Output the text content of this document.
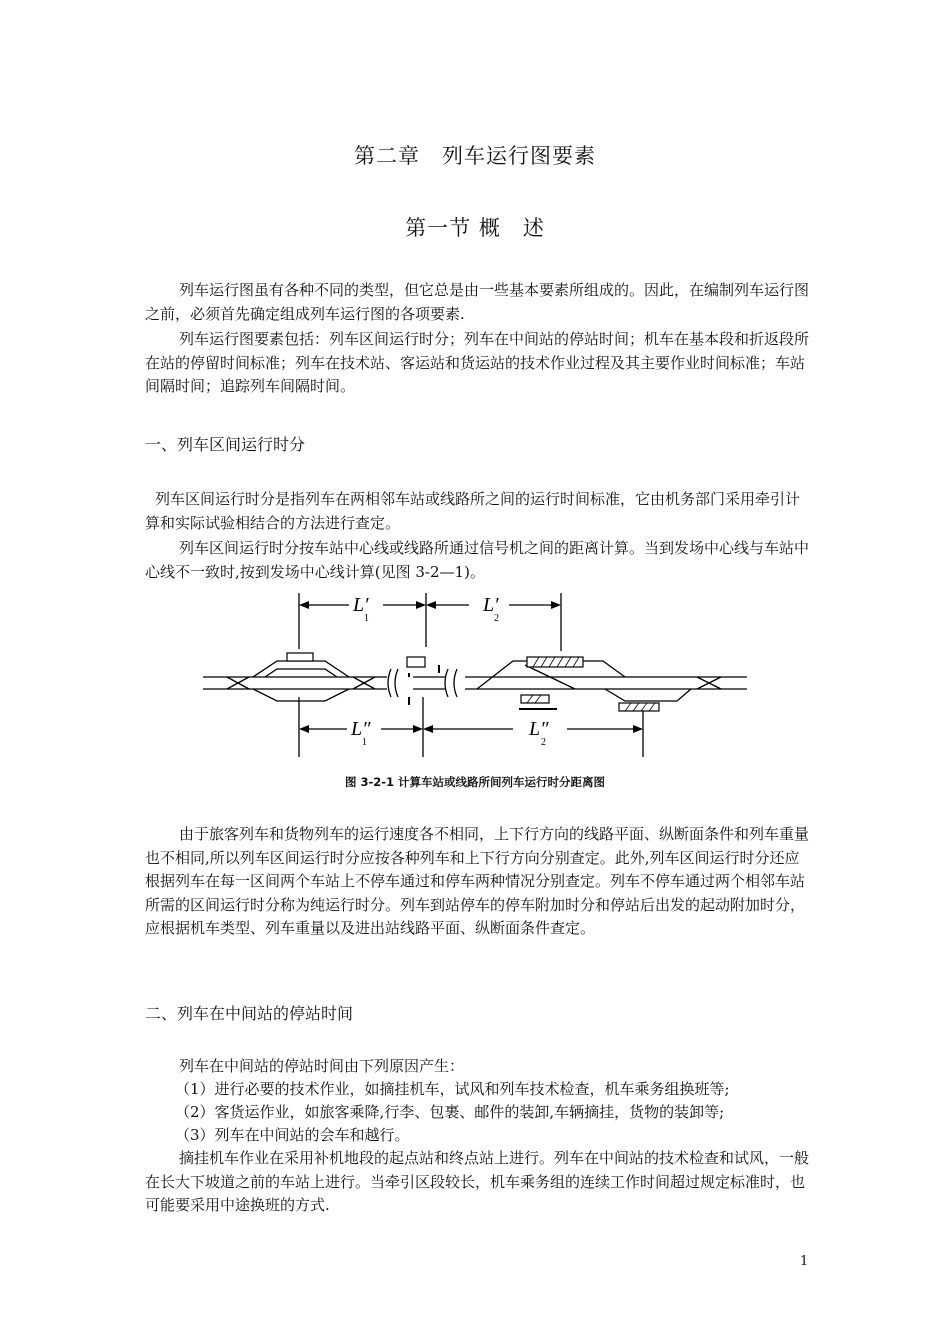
第二章　列车运行图要素
第一节 概　述

列车运行图虽有各种不同的类型，但它总是由一些基本要素所组成的。因此，在编制列车运行图之前，必须首先确定组成列车运行图的各项要素.

列车运行图要素包括：列车区间运行时分；列车在中间站的停站时间；机车在基本段和折返段所在站的停留时间标准；列车在技术站、客运站和货运站的技术作业过程及其主要作业时间标准；车站间隔时间；追踪列车间隔时间。

一、列车区间运行时分

列车区间运行时分是指列车在两相邻车站或线路所之间的运行时间标准，它由机务部门采用牵引计算和实际试验相结合的方法进行查定。

列车区间运行时分按车站中心线或线路所通过信号机之间的距离计算。当到发场中心线与车站中心线不一致时,按到发场中心线计算(见图 3-2—1)。

L′	L′
L″	L″
1	2
1	2
图 3-2-1 计算车站或线路所间列车运行时分距离图

由于旅客列车和货物列车的运行速度各不相同，上下行方向的线路平面、纵断面条件和列车重量也不相同,所以列车区间运行时分应按各种列车和上下行方向分别查定。此外,列车区间运行时分还应根据列车在每一区间两个车站上不停车通过和停车两种情况分别查定。列车不停车通过两个相邻车站所需的区间运行时分称为纯运行时分。列车到站停车的停车附加时分和停站后出发的起动附加时分，应根据机车类型、列车重量以及进出站线路平面、纵断面条件查定。

二、列车在中间站的停站时间

列车在中间站的停站时间由下列原因产生：

（1）进行必要的技术作业，如摘挂机车，试风和列车技术检查，机车乘务组换班等;

（2）客货运作业，如旅客乘降,行李、包裹、邮件的装卸,车辆摘挂，货物的装卸等;

（3）列车在中间站的会车和越行。

摘挂机车作业在采用补机地段的起点站和终点站上进行。列车在中间站的技术检查和试风，一般在长大下坡道之前的车站上进行。当牵引区段较长，机车乘务组的连续工作时间超过规定标准时，也可能要采用中途换班的方式.

1
